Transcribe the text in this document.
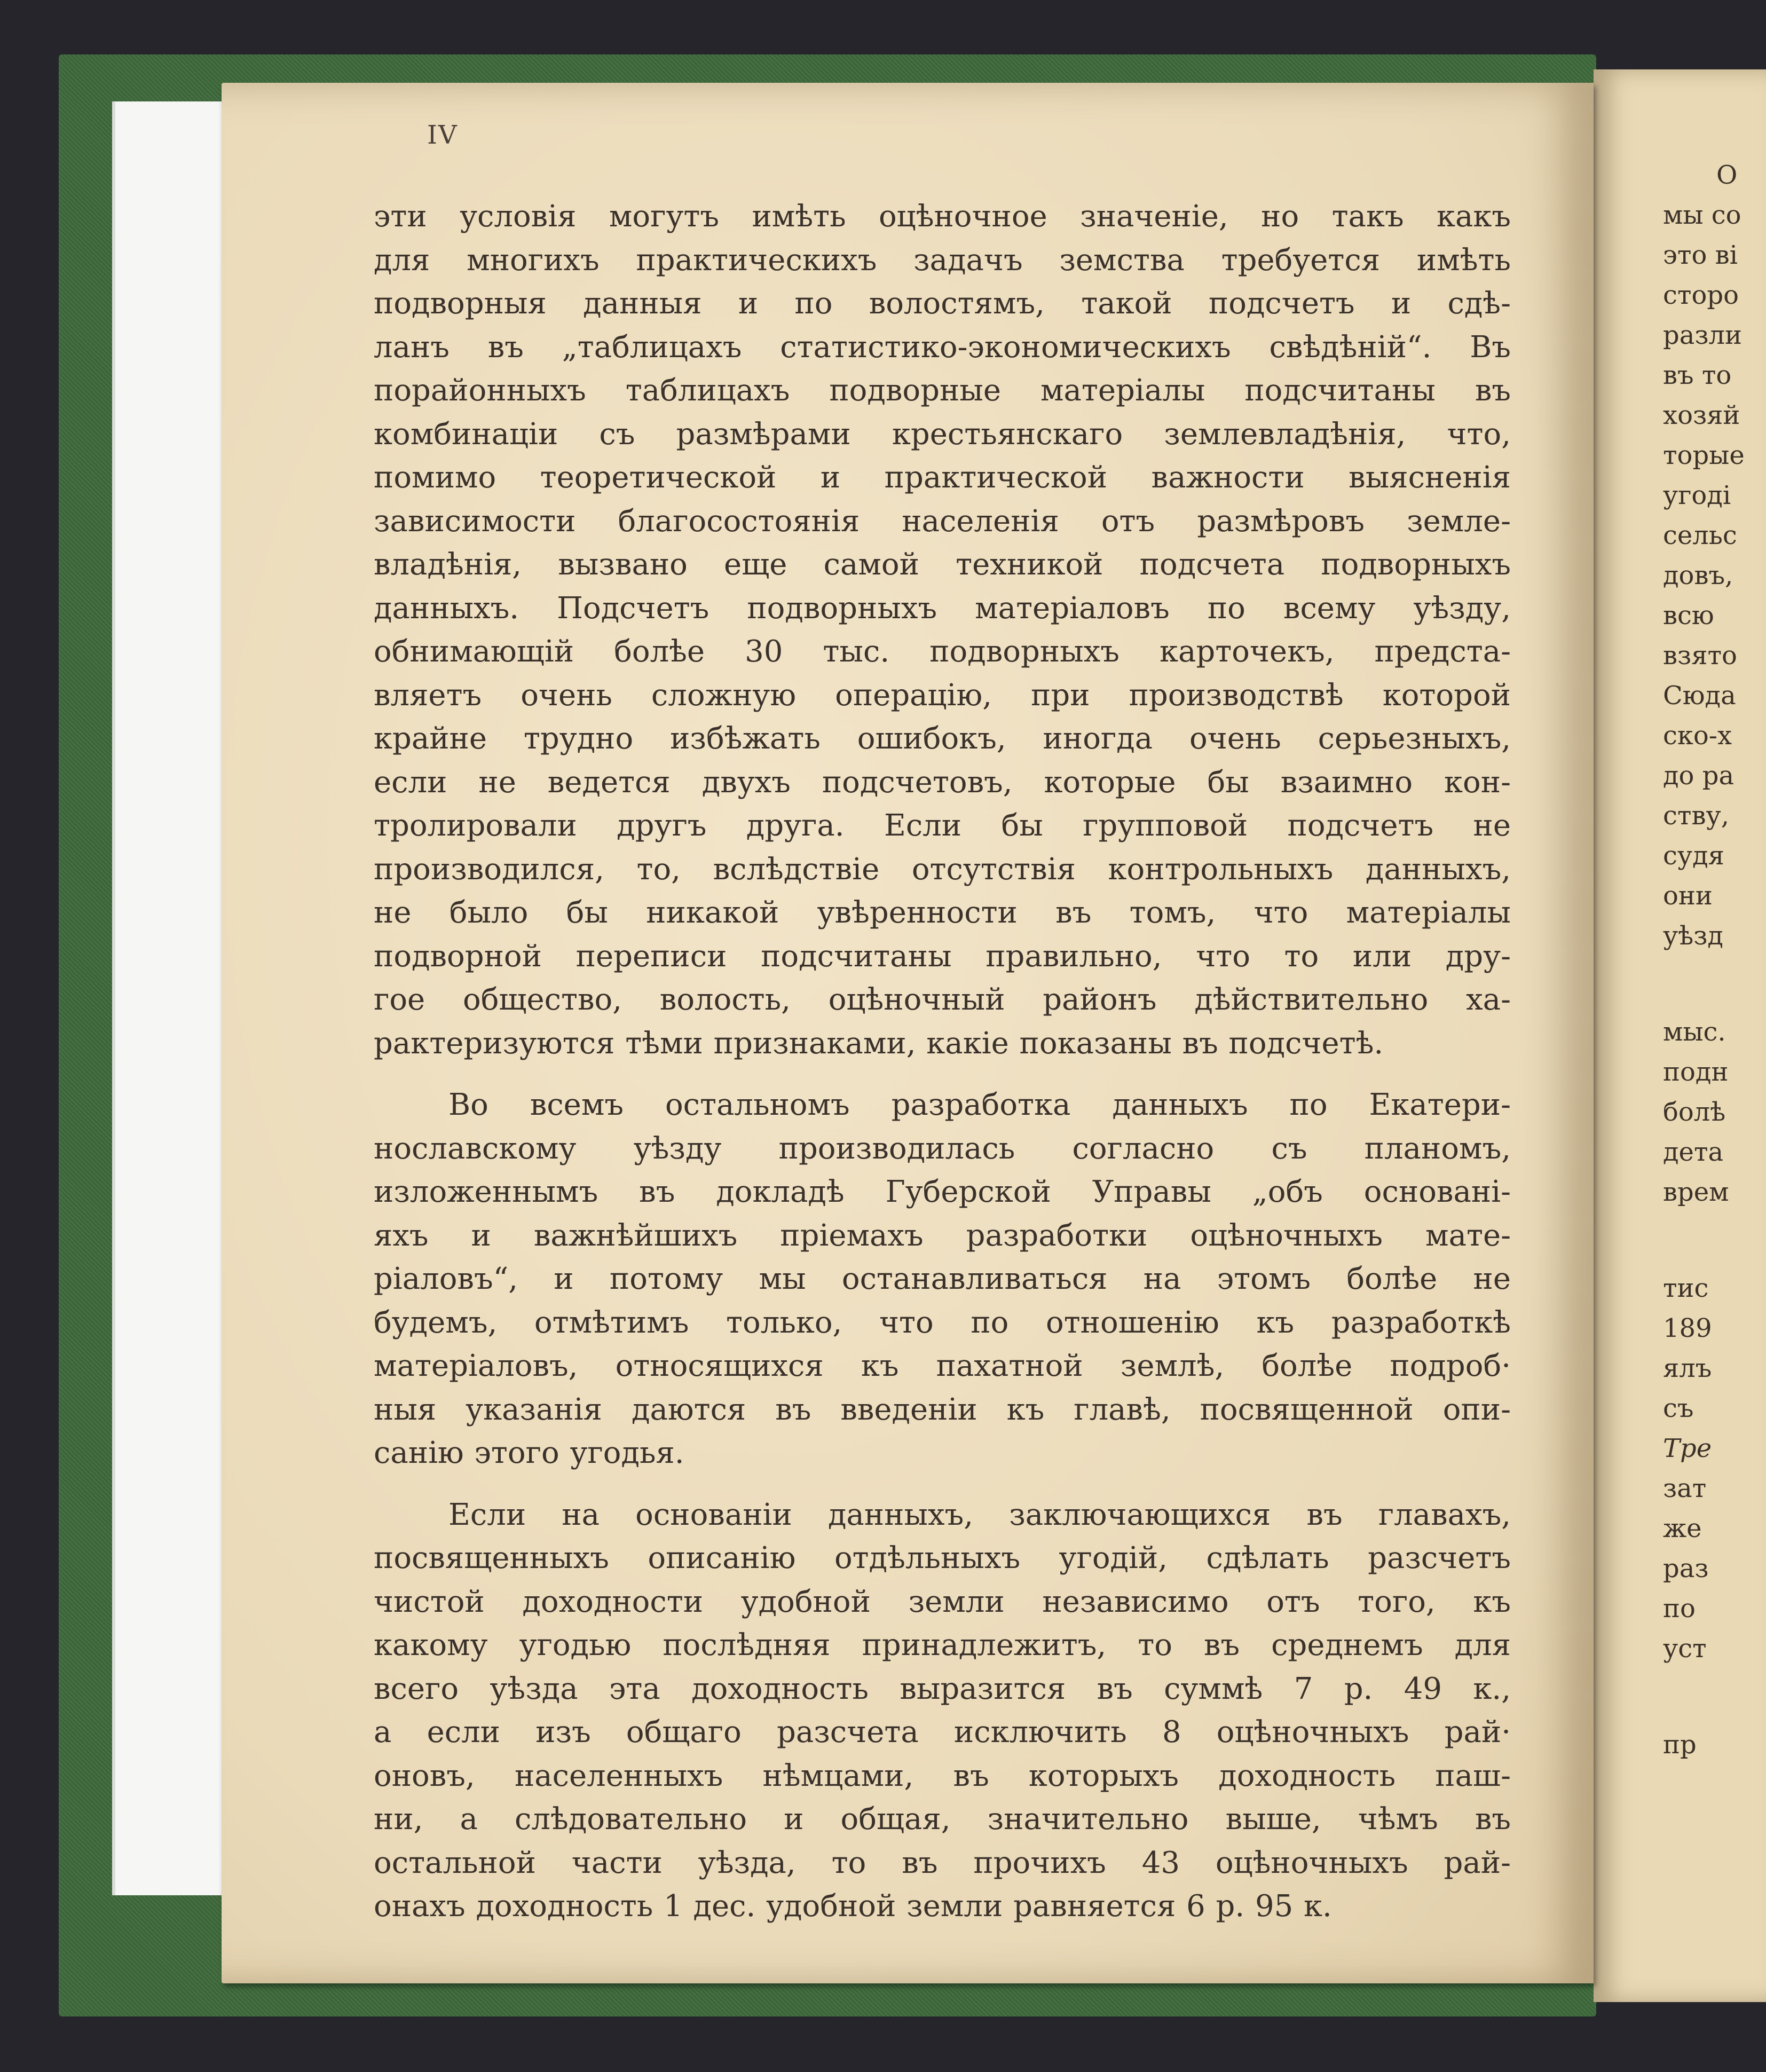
О
мы со
это ві
сторо
разли
въ то
хозяй
торые
угоді
сельс
довъ,
всю
взято
Сюда
ско-х
до ра
ству,
судя
они
уѣзд
мыс.
подн
болѣ
дета
врем
тис
189
ялъ
съ
Тре
зат
же
раз
по
уст
пр
IV
эти условія могутъ имѣть оцѣночное значеніе, но такъ какъ
для многихъ практическихъ задачъ земства требуется имѣть
подворныя данныя и по волостямъ, такой подсчетъ и сдѣ-
ланъ въ „таблицахъ статистико-экономическихъ свѣдѣній“. Въ
порайонныхъ таблицахъ подворные матеріалы подсчитаны въ
комбинаціи съ размѣрами крестьянскаго землевладѣнія, что,
помимо теоретической и практической важности выясненія
зависимости благосостоянія населенія отъ размѣровъ земле-
владѣнія, вызвано еще самой техникой подсчета подворныхъ
данныхъ. Подсчетъ подворныхъ матеріаловъ по всему уѣзду,
обнимающій болѣе 30 тыс. подворныхъ карточекъ, предста-
вляетъ очень сложную операцію, при производствѣ которой
крайне трудно избѣжать ошибокъ, иногда очень серьезныхъ,
если не ведется двухъ подсчетовъ, которые бы взаимно кон-
тролировали другъ друга. Если бы групповой подсчетъ не
производился, то, вслѣдствіе отсутствія контрольныхъ данныхъ,
не было бы никакой увѣренности въ томъ, что матеріалы
подворной переписи подсчитаны правильно, что то или дру-
гое общество, волость, оцѣночный районъ дѣйствительно ха-
рактеризуются тѣми признаками, какіе показаны въ подсчетѣ.
Во всемъ остальномъ разработка данныхъ по Екатери-
нославскому уѣзду производилась согласно съ планомъ,
изложеннымъ въ докладѣ Губерской Управы „объ основані-
яхъ и важнѣйшихъ пріемахъ разработки оцѣночныхъ мате-
ріаловъ“, и потому мы останавливаться на этомъ болѣе не
будемъ, отмѣтимъ только, что по отношенію къ разработкѣ
матеріаловъ, относящихся къ пахатной землѣ, болѣе подроб·
ныя указанія даются въ введеніи къ главѣ, посвященной опи-
санію этого угодья.
Если на основаніи данныхъ, заключающихся въ главахъ,
посвященныхъ описанію отдѣльныхъ угодій, сдѣлать разсчетъ
чистой доходности удобной земли независимо отъ того, къ
какому угодью послѣдняя принадлежитъ, то въ среднемъ для
всего уѣзда эта доходность выразится въ суммѣ 7 р. 49 к.,
а если изъ общаго разсчета исключить 8 оцѣночныхъ рай·
оновъ, населенныхъ нѣмцами, въ которыхъ доходность паш-
ни, а слѣдовательно и общая, значительно выше, чѣмъ въ
остальной части уѣзда, то въ прочихъ 43 оцѣночныхъ рай-
онахъ доходность 1 дес. удобной земли равняется 6 р. 95 к.
